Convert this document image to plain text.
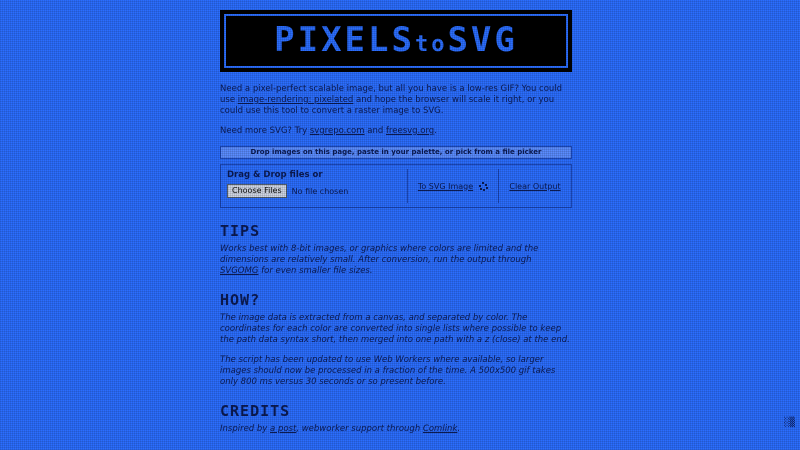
PIXELStoSVG

Need a pixel-perfect scalable image, but all you have is a low-res GIF? You could use image-rendering: pixelated and hope the browser will scale it right, or you could use this tool to convert a raster image to SVG.

Need more SVG? Try svgrepo.com and freesvg.org.

Drop images on this page, paste in your palette, or pick from a file picker
Drag & Drop files or
Choose Files	No file chosen
To SVG Image	Clear Output
TIPS
Works best with 8-bit images, or graphics where colors are limited and the dimensions are relatively small. After conversion, run the output through SVGOMG for even smaller file sizes.
HOW?

The image data is extracted from a canvas, and separated by color. The coordinates for each color are converted into single lists where possible to keep the path data syntax short, then merged into one path with a z (close) at the end.

The script has been updated to use Web Workers where available, so larger images should now be processed in a fraction of the time. A 500x500 gif takes only 800 ms versus 30 seconds or so present before.

CREDITS
Inspired by a post, webworker support through Comlink.
░▒
